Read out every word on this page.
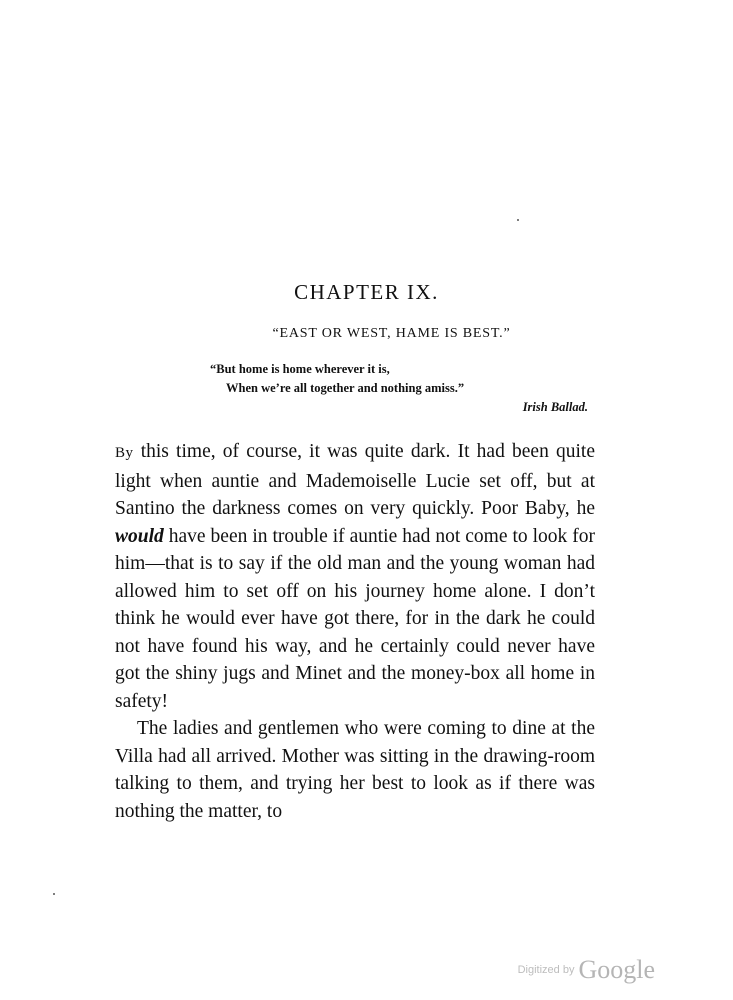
CHAPTER IX.
“EAST OR WEST, HAME IS BEST.”
“But home is home wherever it is,
When we’re all together and nothing amiss.”
Irish Ballad.

By this time, of course, it was quite dark. It had been quite light when auntie and Mademoiselle Lucie set off, but at Santino the darkness comes on very quickly. Poor Baby, he would have been in trouble if auntie had not come to look for him—that is to say if the old man and the young woman had allowed him to set off on his journey home alone. I don’t think he would ever have got there, for in the dark he could not have found his way, and he certainly could never have got the shiny jugs and Minet and the money-box all home in safety!

The ladies and gentlemen who were coming to dine at the Villa had all arrived. Mother was sitting in the drawing-room talking to them, and trying her best to look as if there was nothing the matter, to

Digitized by Google
